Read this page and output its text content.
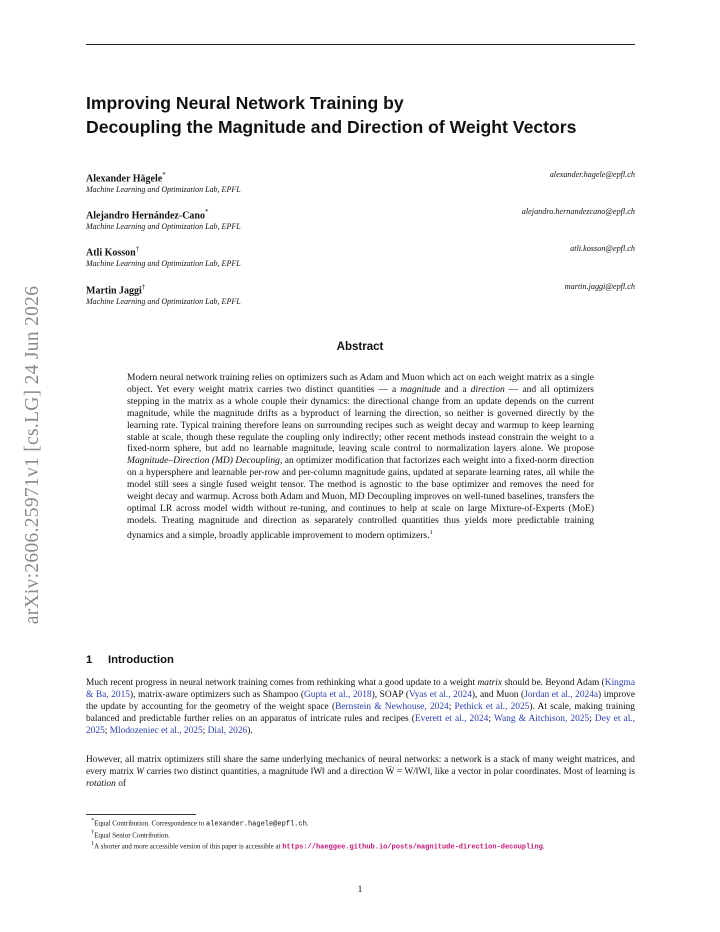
arXiv:2606.25971v1 [cs.LG] 24 Jun 2026
Improving Neural Network Training by
Decoupling the Magnitude and Direction of Weight Vectors
Alexander Hägele*	alexander.hagele@epfl.ch
Machine Learning and Optimization Lab, EPFL
Alejandro Hernández-Cano*	alejandro.hernandezcano@epfl.ch
Machine Learning and Optimization Lab, EPFL
Atli Kosson†	atli.kosson@epfl.ch
Machine Learning and Optimization Lab, EPFL
Martin Jaggi†	martin.jaggi@epfl.ch
Machine Learning and Optimization Lab, EPFL
Abstract
Modern neural network training relies on optimizers such as Adam and Muon which act on each weight matrix as a single object. Yet every weight matrix carries two distinct quantities — a magnitude and a direction — and all optimizers stepping in the matrix as a whole couple their dynamics: the directional change from an update depends on the current magnitude, while the magnitude drifts as a byproduct of learning the direction, so neither is governed directly by the learning rate. Typical training therefore leans on surrounding recipes such as weight decay and warmup to keep learning stable at scale, though these regulate the coupling only indirectly; other recent methods instead constrain the weight to a fixed-norm sphere, but add no learnable magnitude, leaving scale control to normalization layers alone. We propose Magnitude–Direction (MD) Decoupling, an optimizer modification that factorizes each weight into a fixed-norm direction on a hypersphere and learnable per-row and per-column magnitude gains, updated at separate learning rates, all while the model still sees a single fused weight tensor. The method is agnostic to the base optimizer and removes the need for weight decay and warmup. Across both Adam and Muon, MD Decoupling improves on well-tuned baselines, transfers the optimal LR across model width without re-tuning, and continues to help at scale on large Mixture-of-Experts (MoE) models. Treating magnitude and direction as separately controlled quantities thus yields more predictable training dynamics and a simple, broadly applicable improvement to modern optimizers.$^1$
1 Introduction
Much recent progress in neural network training comes from rethinking what a good update to a weight matrix should be. Beyond Adam (Kingma & Ba, 2015), matrix-aware optimizers such as Shampoo (Gupta et al., 2018), SOAP (Vyas et al., 2024), and Muon (Jordan et al., 2024a) improve the update by accounting for the geometry of the weight space (Bernstein & Newhouse, 2024; Pethick et al., 2025). At scale, making training balanced and predictable further relies on an apparatus of intricate rules and recipes (Everett et al., 2024; Wang & Aitchison, 2025; Dey et al., 2025; Mlodozeniec et al., 2025; Dial, 2026).
However, all matrix optimizers still share the same underlying mechanics of neural networks: a network is a stack of many weight matrices, and every matrix W carries two distinct quantities, a magnitude ‖W‖ and a direction W̄ = W/‖W‖, like a vector in polar coordinates. Most of learning is rotation of
*Equal Contribution. Correspondence to alexander.hagele@epfl.ch.
†Equal Senior Contribution.
$^1$A shorter and more accessible version of this paper is accessible at https://haeggee.github.io/posts/magnitude-direction-decoupling.
1
